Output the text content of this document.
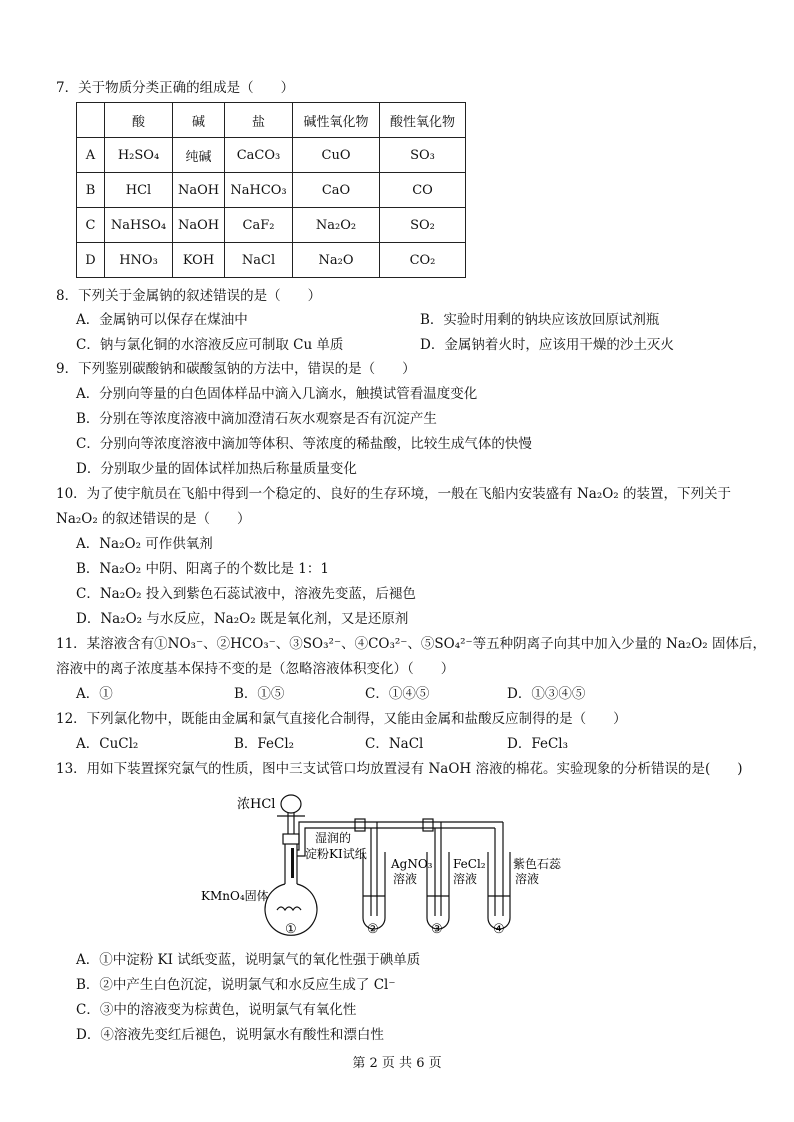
7．关于物质分类正确的组成是（　　）
	酸	碱	盐	碱性氧化物	酸性氧化物
A	H₂SO₄	纯碱	CaCO₃	CuO	SO₃
B	HCl	NaOH	NaHCO₃	CaO	CO
C	NaHSO₄	NaOH	CaF₂	Na₂O₂	SO₂
D	HNO₃	KOH	NaCl	Na₂O	CO₂
8．下列关于金属钠的叙述错误的是（　　）
A．金属钠可以保存在煤油中	B．实验时用剩的钠块应该放回原试剂瓶
C．钠与氯化铜的水溶液反应可制取 Cu 单质	D．金属钠着火时，应该用干燥的沙土灭火
9．下列鉴别碳酸钠和碳酸氢钠的方法中，错误的是（　　）
A．分别向等量的白色固体样品中滴入几滴水，触摸试管看温度变化
B．分别在等浓度溶液中滴加澄清石灰水观察是否有沉淀产生
C．分别向等浓度溶液中滴加等体积、等浓度的稀盐酸，比较生成气体的快慢
D．分别取少量的固体试样加热后称量质量变化
10．为了使宇航员在飞船中得到一个稳定的、良好的生存环境，一般在飞船内安装盛有 Na₂O₂ 的装置，下列关于
Na₂O₂ 的叙述错误的是（　　）
A．Na₂O₂ 可作供氧剂
B．Na₂O₂ 中阴、阳离子的个数比是 1：1
C．Na₂O₂ 投入到紫色石蕊试液中，溶液先变蓝，后褪色
D．Na₂O₂ 与水反应，Na₂O₂ 既是氧化剂，又是还原剂
11．某溶液含有①NO₃⁻、②HCO₃⁻、③SO₃²⁻、④CO₃²⁻、⑤SO₄²⁻等五种阴离子向其中加入少量的 Na₂O₂ 固体后，
溶液中的离子浓度基本保持不变的是（忽略溶液体积变化）（　　）
A．①	B．①⑤	C．①④⑤	D．①③④⑤
12．下列氯化物中，既能由金属和氯气直接化合制得，又能由金属和盐酸反应制得的是（　　）
A．CuCl₂	B．FeCl₂	C．NaCl	D．FeCl₃
13．用如下装置探究氯气的性质，图中三支试管口均放置浸有 NaOH 溶液的棉花。实验现象的分析错误的是(　　)
浓HCl
湿润的
淀粉KI试纸
KMnO₄固体
AgNO₃
溶液
FeCl₂
溶液
紫色石蕊
溶液
①	②	③	④
A．①中淀粉 KI 试纸变蓝，说明氯气的氧化性强于碘单质
B．②中产生白色沉淀，说明氯气和水反应生成了 Cl⁻
C．③中的溶液变为棕黄色，说明氯气有氧化性
D．④溶液先变红后褪色，说明氯水有酸性和漂白性
第 2 页 共 6 页
